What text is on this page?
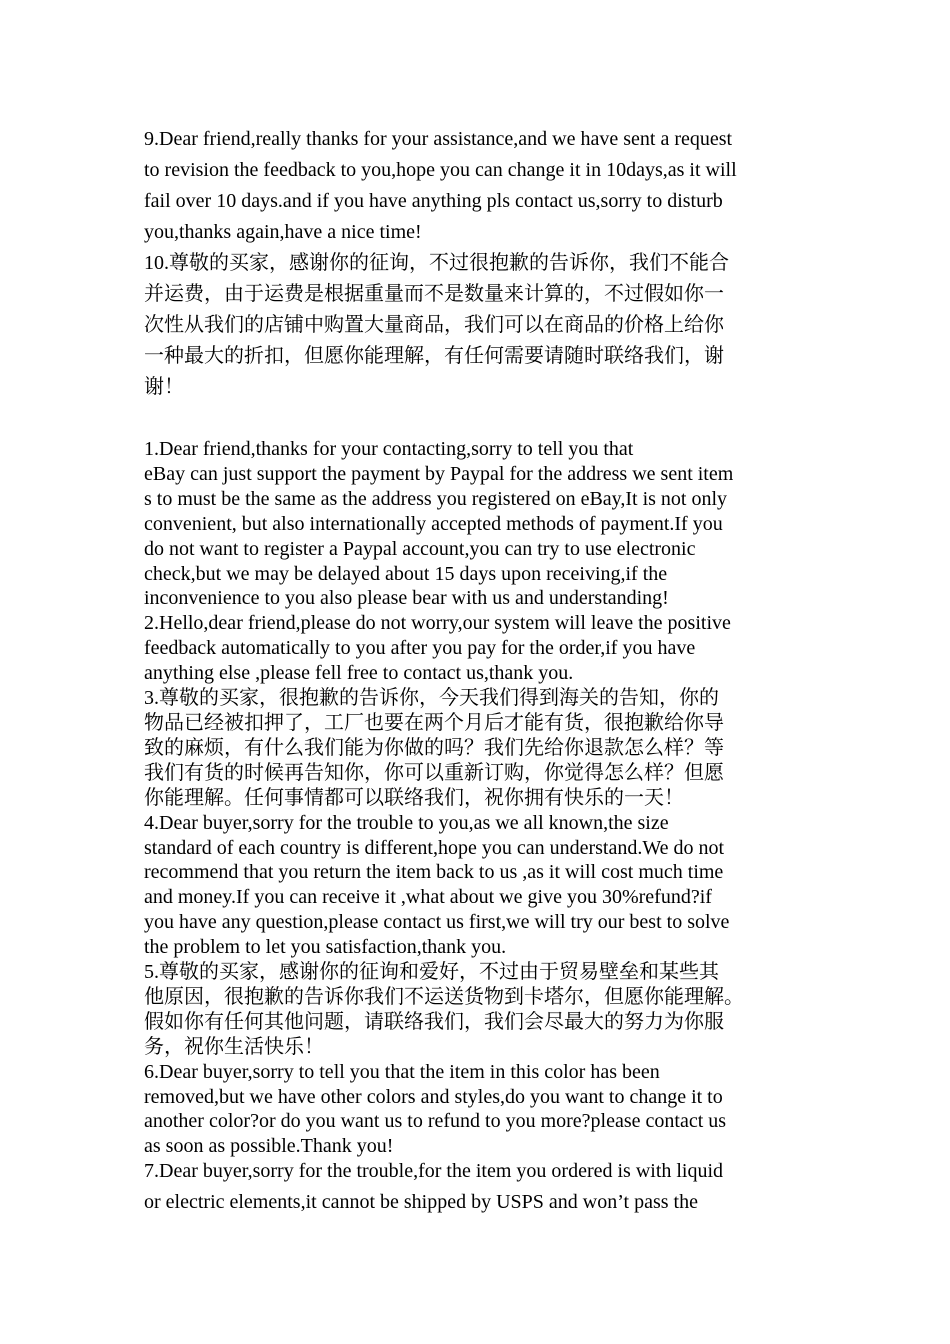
9.Dear friend,really thanks for your assistance,and we have sent a request
to revision the feedback to you,hope you can change it in 10days,as it will
fail over 10 days.and if you have anything pls contact us,sorry to disturb
you,thanks again,have a nice time!

10.尊敬的买家，感谢你的征询，不过很抱歉的告诉你，我们不能合
并运费，由于运费是根据重量而不是数量来计算的，不过假如你一
次性从我们的店铺中购置大量商品，我们可以在商品的价格上给你
一种最大的折扣，但愿你能理解，有任何需要请随时联络我们，谢
谢！

1.Dear friend,thanks for your contacting,sorry to tell you that
eBay can just support the payment by Paypal for the address we sent item
s to must be the same as the address you registered on eBay,It is not only
convenient, but also internationally accepted methods of payment.If you
do not want to register a Paypal account,you can try to use electronic
check,but we may be delayed about 15 days upon receiving,if the
inconvenience to you also please bear with us and understanding!

2.Hello,dear friend,please do not worry,our system will leave the positive
feedback automatically to you after you pay for the order,if you have
anything else ,please fell free to contact us,thank you.

3.尊敬的买家，很抱歉的告诉你，今天我们得到海关的告知，你的
物品已经被扣押了，工厂也要在两个月后才能有货，很抱歉给你导
致的麻烦，有什么我们能为你做的吗？我们先给你退款怎么样？等
我们有货的时候再告知你，你可以重新订购，你觉得怎么样？但愿
你能理解。任何事情都可以联络我们，祝你拥有快乐的一天！

4.Dear buyer,sorry for the trouble to you,as we all known,the size
standard of each country is different,hope you can understand.We do not
recommend that you return the item back to us ,as it will cost much time
and money.If you can receive it ,what about we give you 30%refund?if
you have any question,please contact us first,we will try our best to solve
the problem to let you satisfaction,thank you.

5.尊敬的买家，感谢你的征询和爱好，不过由于贸易壁垒和某些其
他原因，很抱歉的告诉你我们不运送货物到卡塔尔，但愿你能理解。
假如你有任何其他问题，请联络我们，我们会尽最大的努力为你服
务，祝你生活快乐！

6.Dear buyer,sorry to tell you that the item in this color has been
removed,but we have other colors and styles,do you want to change it to
another color?or do you want us to refund to you more?please contact us
as soon as possible.Thank you!

7.Dear buyer,sorry for the trouble,for the item you ordered is with liquid

or electric elements,it cannot be shipped by USPS and won’t pass the
